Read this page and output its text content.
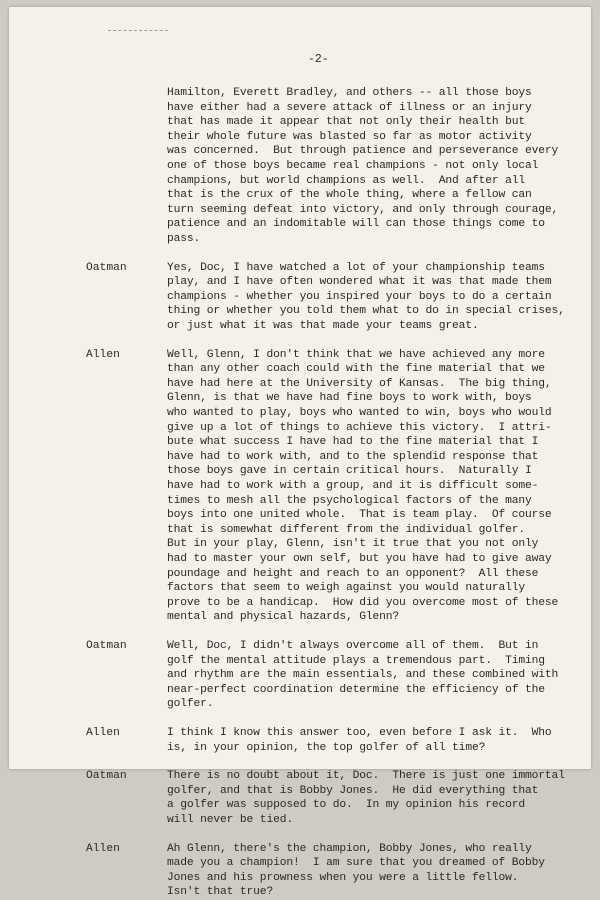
-2-

Hamilton, Everett Bradley, and others -- all those boys
have either had a severe attack of illness or an injury
that has made it appear that not only their health but
their whole future was blasted so far as motor activity
was concerned.  But through patience and perseverance every
one of those boys became real champions - not only local
champions, but world champions as well.  And after all
that is the crux of the whole thing, where a fellow can
turn seeming defeat into victory, and only through courage,
patience and an indomitable will can those things come to
pass.

Oatman	Yes, Doc, I have watched a lot of your championship teams
play, and I have often wondered what it was that made them
champions - whether you inspired your boys to do a certain
thing or whether you told them what to do in special crises,
or just what it was that made your teams great.

Allen	Well, Glenn, I don't think that we have achieved any more
than any other coach could with the fine material that we
have had here at the University of Kansas.  The big thing,
Glenn, is that we have had fine boys to work with, boys
who wanted to play, boys who wanted to win, boys who would
give up a lot of things to achieve this victory.  I attri-
bute what success I have had to the fine material that I
have had to work with, and to the splendid response that
those boys gave in certain critical hours.  Naturally I
have had to work with a group, and it is difficult some-
times to mesh all the psychological factors of the many
boys into one united whole.  That is team play.  Of course
that is somewhat different from the individual golfer.
But in your play, Glenn, isn't it true that you not only
had to master your own self, but you have had to give away
poundage and height and reach to an opponent?  All these
factors that seem to weigh against you would naturally
prove to be a handicap.  How did you overcome most of these
mental and physical hazards, Glenn?

Oatman	Well, Doc, I didn't always overcome all of them.  But in
golf the mental attitude plays a tremendous part.  Timing
and rhythm are the main essentials, and these combined with
near-perfect coordination determine the efficiency of the
golfer.

Allen	I think I know this answer too, even before I ask it.  Who
is, in your opinion, the top golfer of all time?

Oatman	There is no doubt about it, Doc.  There is just one immortal
golfer, and that is Bobby Jones.  He did everything that
a golfer was supposed to do.  In my opinion his record
will never be tied.

Allen	Ah Glenn, there's the champion, Bobby Jones, who really
made you a champion!  I am sure that you dreamed of Bobby
Jones and his prowness when you were a little fellow.
Isn't that true?
